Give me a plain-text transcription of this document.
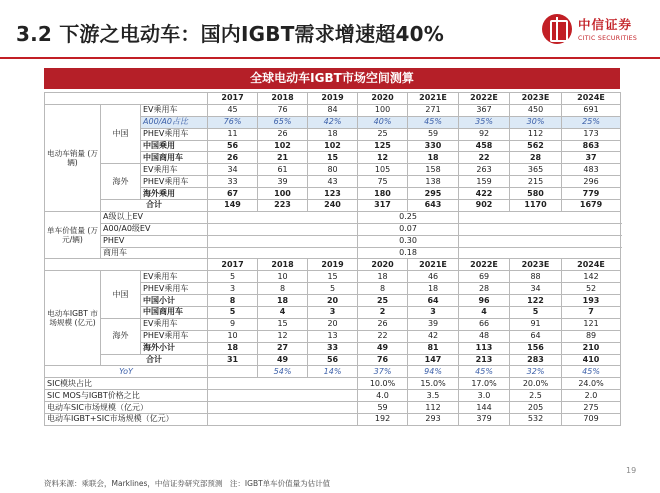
3.2 下游之电动车：国内IGBT需求增速超40%	中信证券
CITIC SECURITIES
全球电动车IGBT市场空间测算
			2017	2018	2019	2020	2021E	2022E	2023E	2024E	
电动车销量 (万辆)	中国	EV乘用车	45	76	84	100	271	367	450	691	
		A00/A0占比	76%	65%	42%	40%	45%	35%	30%	25%	
		PHEV乘用车	11	26	18	25	59	92	112	173	
		中国乘用	56	102	102	125	330	458	562	863	
		中国商用车	26	21	15	12	18	22	28	37	
	海外	EV乘用车	34	61	80	105	158	263	365	483	
		PHEV乘用车	33	39	43	75	138	159	215	296	
		海外乘用	67	100	123	180	295	422	580	779	
	合计		149	223	240	317	643	902	1170	1679	
单车价值量 (万元/辆)	A级以上EV					0.25					
	A00/A0级EV					0.07					
	PHEV					0.30					
	商用车					0.18					
			2017	2018	2019	2020	2021E	2022E	2023E	2024E	
电动车IGBT 市场规模 (亿元)	中国	EV乘用车	5	10	15	18	46	69	88	142	
		PHEV乘用车	3	8	5	8	18	28	34	52	
		中国小计	8	18	20	25	64	96	122	193	
		中国商用车	5	4	3	2	3	4	5	7	
	海外	EV乘用车	9	15	20	26	39	66	91	121	
		PHEV乘用车	10	12	13	22	42	48	64	89	
		海外小计	18	27	33	49	81	113	156	210	
	合计		31	49	56	76	147	213	283	410	
YoY				54%	14%	37%	94%	45%	32%	45%	
SIC模块占比						10.0%	15.0%	17.0%	20.0%	24.0%	
SIC MOS与IGBT价格之比						4.0	3.5	3.0	2.5	2.0	
电动车SIC市场规模（亿元）						59	112	144	205	275	
电动车IGBT+SIC市场规模（亿元）						192	293	379	532	709	
资料来源：乘联会，Marklines，中信证券研究部预测　注：IGBT单车价值量为估计值
19
